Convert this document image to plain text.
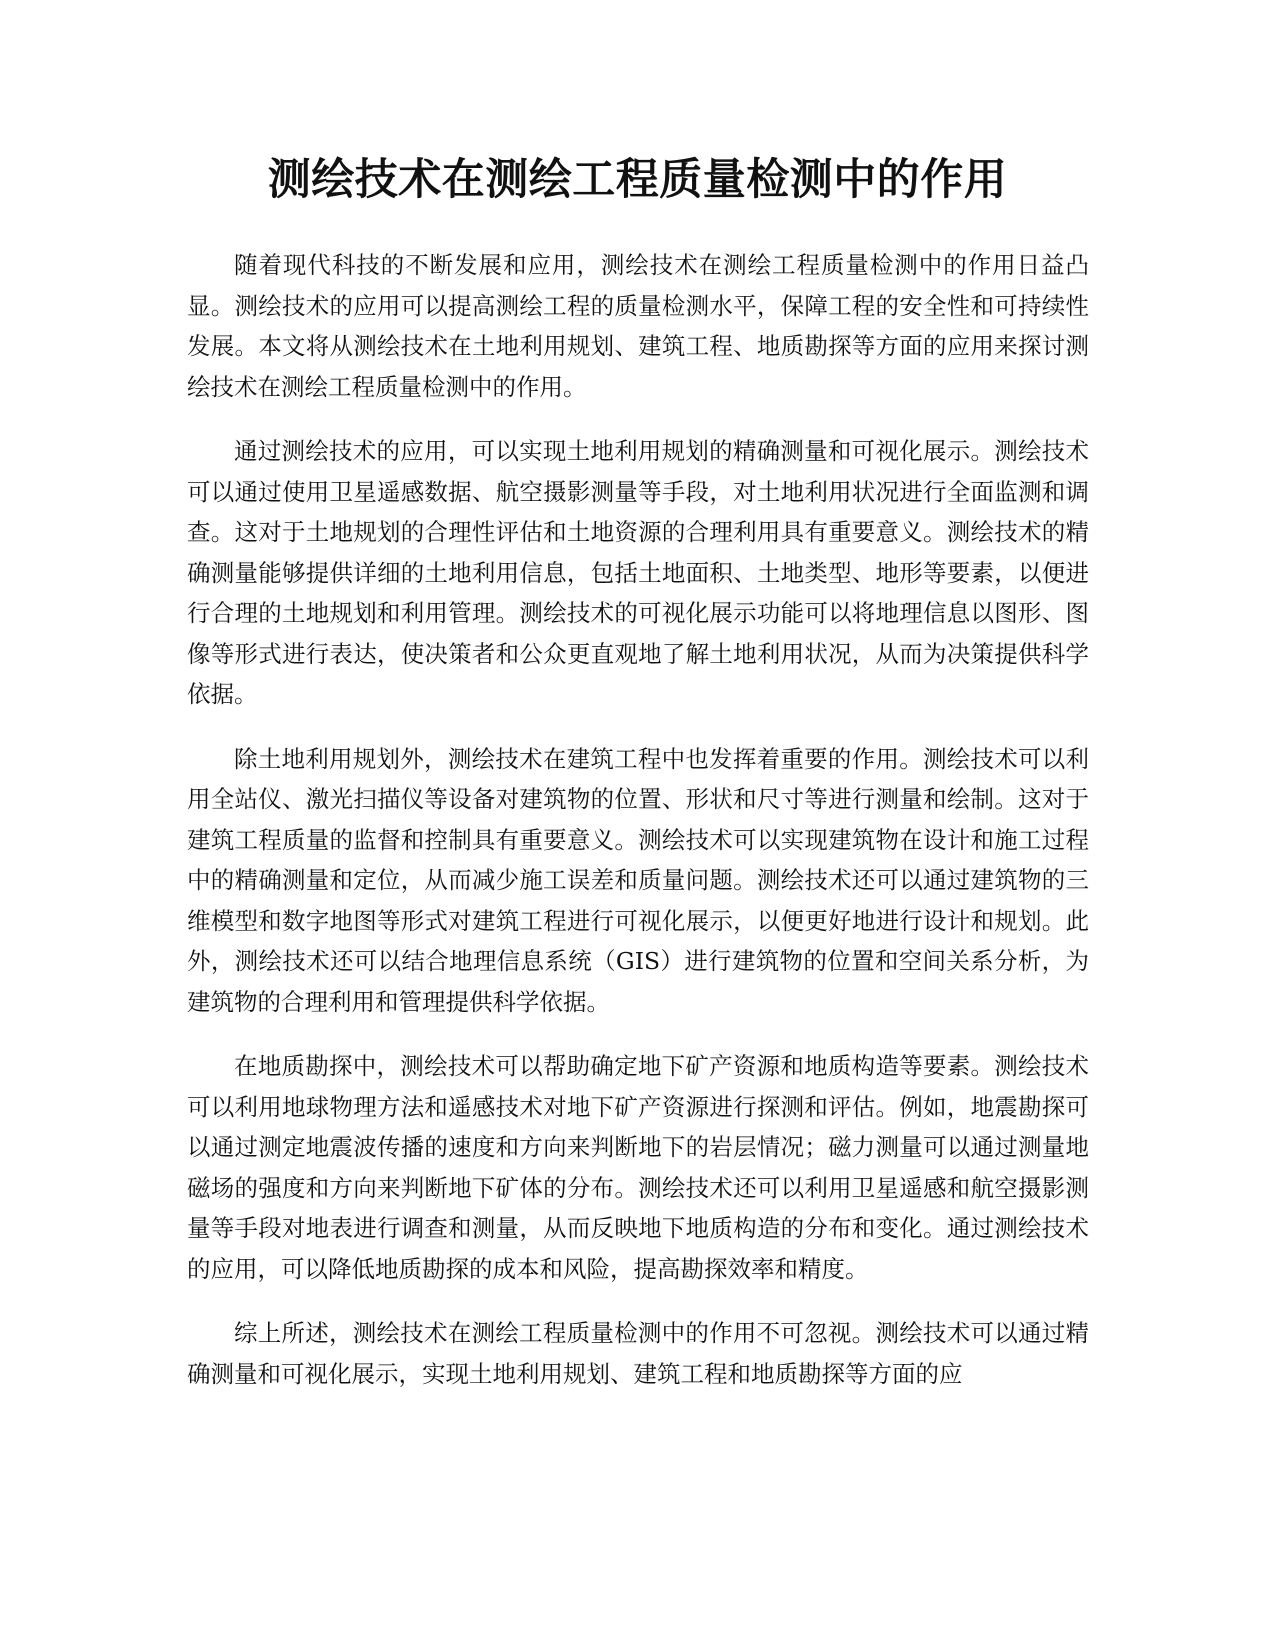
测绘技术在测绘工程质量检测中的作用

随着现代科技的不断发展和应用，测绘技术在测绘工程质量检测中的作用日益凸显。测绘技术的应用可以提高测绘工程的质量检测水平，保障工程的安全性和可持续性发展。本文将从测绘技术在土地利用规划、建筑工程、地质勘探等方面的应用来探讨测绘技术在测绘工程质量检测中的作用。

通过测绘技术的应用，可以实现土地利用规划的精确测量和可视化展示。测绘技术可以通过使用卫星遥感数据、航空摄影测量等手段，对土地利用状况进行全面监测和调查。这对于土地规划的合理性评估和土地资源的合理利用具有重要意义。测绘技术的精确测量能够提供详细的土地利用信息，包括土地面积、土地类型、地形等要素，以便进行合理的土地规划和利用管理。测绘技术的可视化展示功能可以将地理信息以图形、图像等形式进行表达，使决策者和公众更直观地了解土地利用状况，从而为决策提供科学依据。

除土地利用规划外，测绘技术在建筑工程中也发挥着重要的作用。测绘技术可以利用全站仪、激光扫描仪等设备对建筑物的位置、形状和尺寸等进行测量和绘制。这对于建筑工程质量的监督和控制具有重要意义。测绘技术可以实现建筑物在设计和施工过程中的精确测量和定位，从而减少施工误差和质量问题。测绘技术还可以通过建筑物的三维模型和数字地图等形式对建筑工程进行可视化展示，以便更好地进行设计和规划。此外，测绘技术还可以结合地理信息系统（GIS）进行建筑物的位置和空间关系分析，为建筑物的合理利用和管理提供科学依据。

在地质勘探中，测绘技术可以帮助确定地下矿产资源和地质构造等要素。测绘技术可以利用地球物理方法和遥感技术对地下矿产资源进行探测和评估。例如，地震勘探可以通过测定地震波传播的速度和方向来判断地下的岩层情况；磁力测量可以通过测量地磁场的强度和方向来判断地下矿体的分布。测绘技术还可以利用卫星遥感和航空摄影测量等手段对地表进行调查和测量，从而反映地下地质构造的分布和变化。通过测绘技术的应用，可以降低地质勘探的成本和风险，提高勘探效率和精度。

综上所述，测绘技术在测绘工程质量检测中的作用不可忽视。测绘技术可以通过精确测量和可视化展示，实现土地利用规划、建筑工程和地质勘探等方面的应
